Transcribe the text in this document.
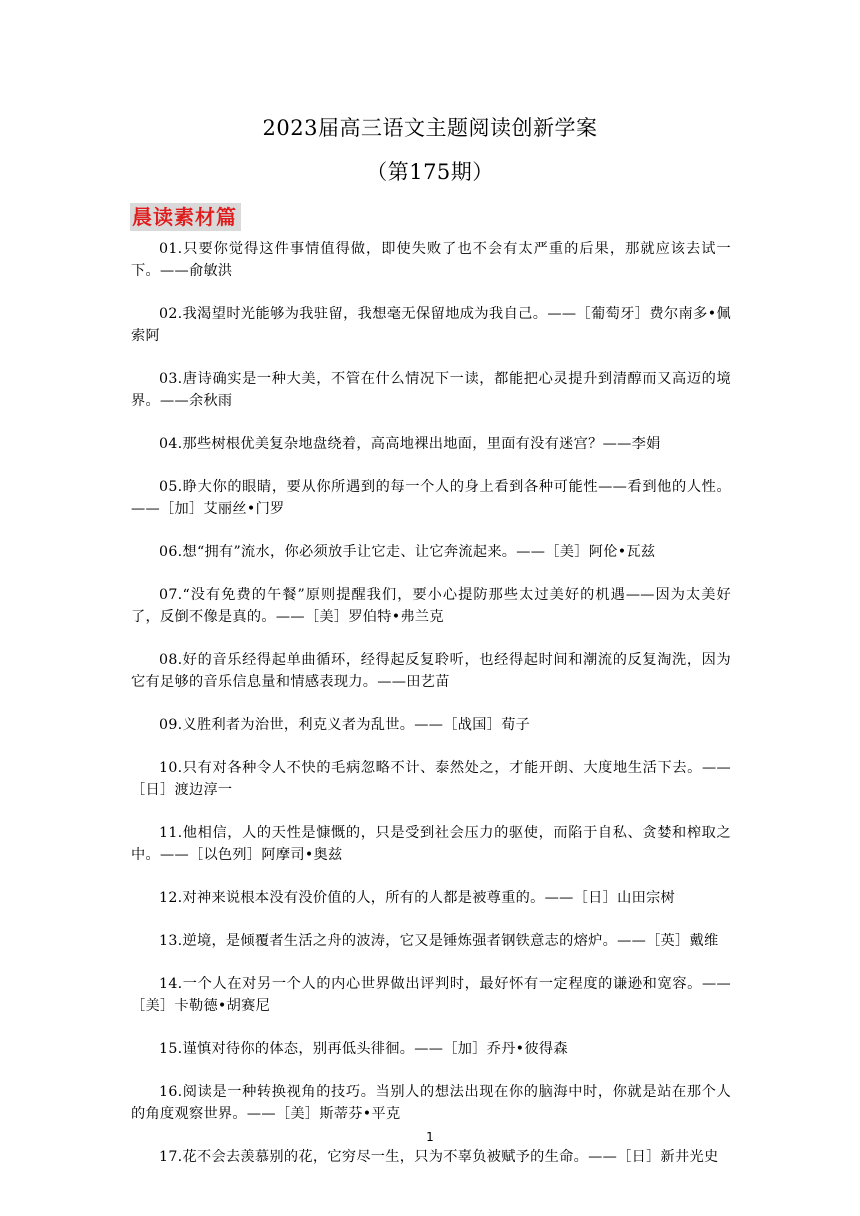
2023届高三语文主题阅读创新学案
（第175期）
晨读素材篇
01.只要你觉得这件事情值得做，即使失败了也不会有太严重的后果，那就应该去试一下。——俞敏洪
02.我渴望时光能够为我驻留，我想毫无保留地成为我自己。——［葡萄牙］费尔南多•佩索阿
03.唐诗确实是一种大美，不管在什么情况下一读，都能把心灵提升到清醇而又高迈的境界。——余秋雨
04.那些树根优美复杂地盘绕着，高高地裸出地面，里面有没有迷宫？——李娟
05.睁大你的眼睛，要从你所遇到的每一个人的身上看到各种可能性——看到他的人性。——［加］艾丽丝•门罗
06.想“拥有”流水，你必须放手让它走、让它奔流起来。——［美］阿伦•瓦兹
07.“没有免费的午餐”原则提醒我们，要小心提防那些太过美好的机遇——因为太美好了，反倒不像是真的。——［美］罗伯特•弗兰克
08.好的音乐经得起单曲循环，经得起反复聆听，也经得起时间和潮流的反复淘洗，因为它有足够的音乐信息量和情感表现力。——田艺苗
09.义胜利者为治世，利克义者为乱世。——［战国］荀子
10.只有对各种令人不快的毛病忽略不计、泰然处之，才能开朗、大度地生活下去。——［日］渡边淳一
11.他相信，人的天性是慷慨的，只是受到社会压力的驱使，而陷于自私、贪婪和榨取之中。——［以色列］阿摩司•奥兹
12.对神来说根本没有没价值的人，所有的人都是被尊重的。——［日］山田宗树
13.逆境，是倾覆者生活之舟的波涛，它又是锤炼强者钢铁意志的熔炉。——［英］戴维
14.一个人在对另一个人的内心世界做出评判时，最好怀有一定程度的谦逊和宽容。——［美］卡勒德•胡赛尼
15.谨慎对待你的体态，别再低头徘徊。——［加］乔丹•彼得森
16.阅读是一种转换视角的技巧。当别人的想法出现在你的脑海中时，你就是站在那个人的角度观察世界。——［美］斯蒂芬•平克
17.花不会去羡慕别的花，它穷尽一生，只为不辜负被赋予的生命。——［日］新井光史
1
